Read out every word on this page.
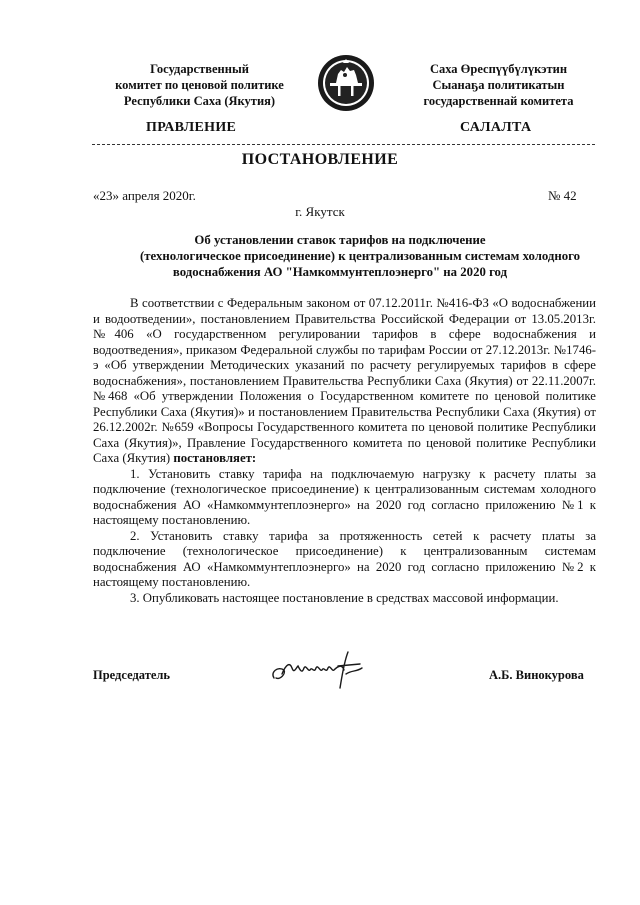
Государственный
комитет по ценовой политике
Республики Саха (Якутия)
Саха Өреспүүбүлүкэтин
Сыанаҕа политикатын
государственнай комитета
ПРАВЛЕНИЕ	САЛАЛТА
ПОСТАНОВЛЕНИЕ
«23» апреля 2020г.	№ 42
г. Якутск
Об установлении ставок тарифов на подключение
(технологическое присоединение) к централизованным системам холодного
водоснабжения АО "Намкоммунтеплоэнерго" на 2020 год

В соответствии с Федеральным законом от 07.12.2011г. №416-ФЗ «О водоснабжении и водоотведении», постановлением Правительства Российской Федерации от 13.05.2013г. №406 «О государственном регулировании тарифов в сфере водоснабжения и водоотведения», приказом Федеральной службы по тарифам России от 27.12.2013г. №1746-э «Об утверждении Методических указаний по расчету регулируемых тарифов в сфере водоснабжения», постановлением Правительства Республики Саха (Якутия) от 22.11.2007г. №468 «Об утверждении Положения о Государственном комитете по ценовой политике Республики Саха (Якутия)» и постановлением Правительства Республики Саха (Якутия) от 26.12.2002г. №659 «Вопросы Государственного комитета по ценовой политике Республики Саха (Якутия)», Правление Государственного комитета по ценовой политике Республики Саха (Якутия) постановляет:

1. Установить ставку тарифа на подключаемую нагрузку к расчету платы за подключение (технологическое присоединение) к централизованным системам холодного водоснабжения АО «Намкоммунтеплоэнерго» на 2020 год согласно приложению №1 к настоящему постановлению.

2. Установить ставку тарифа за протяженность сетей к расчету платы за подключение (технологическое присоединение) к централизованным системам водоснабжения АО «Намкоммунтеплоэнерго» на 2020 год согласно приложению №2 к настоящему постановлению.

3. Опубликовать настоящее постановление в средствах массовой информации.

Председатель	А.Б. Винокурова
